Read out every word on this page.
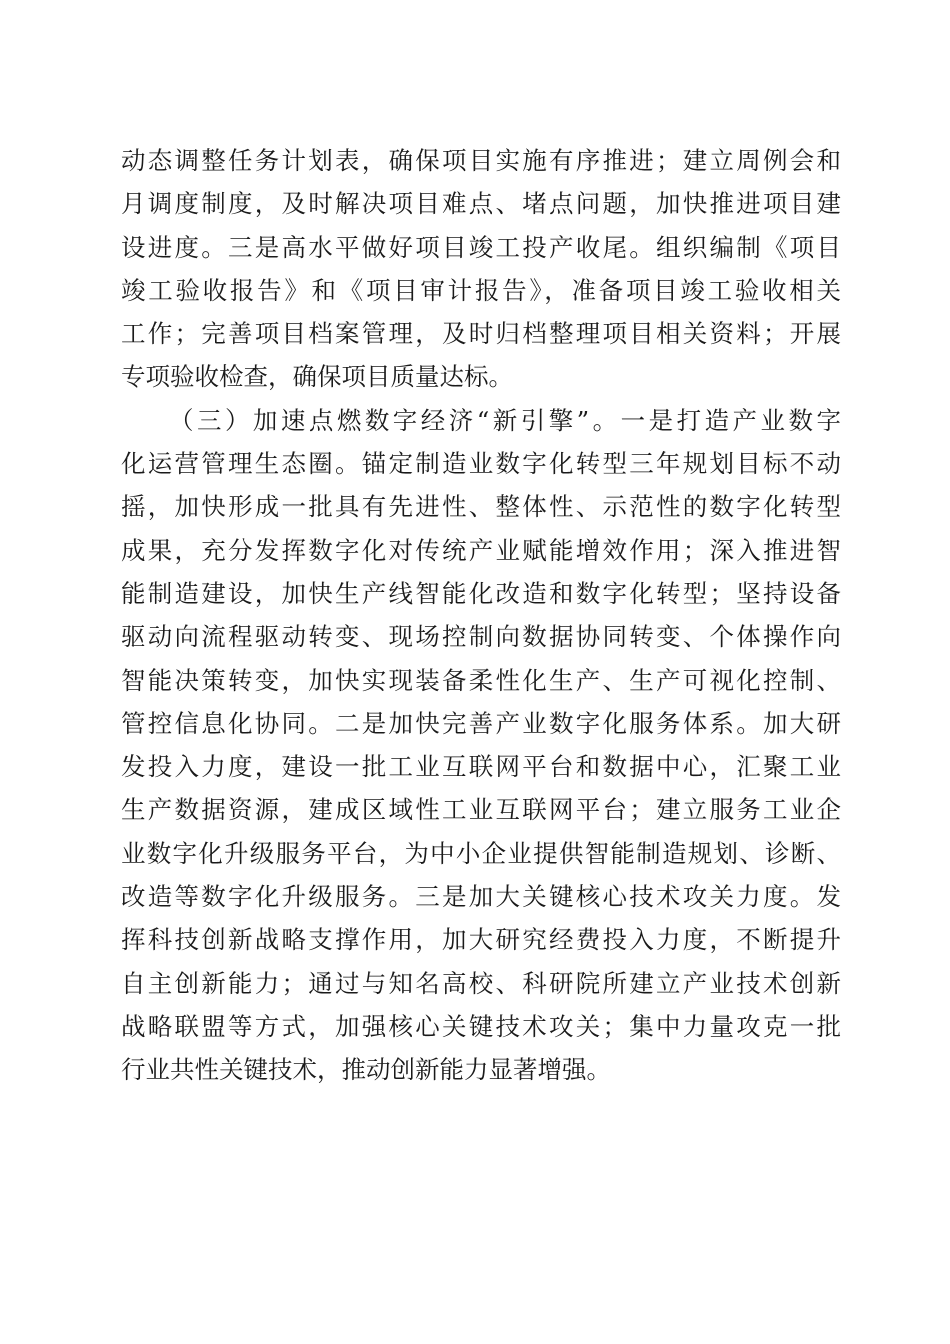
动态调整任务计划表，确保项目实施有序推进；建立周例会和

月调度制度，及时解决项目难点、堵点问题，加快推进项目建

设进度。三是高水平做好项目竣工投产收尾。组织编制《项目

竣工验收报告》和《项目审计报告》，准备项目竣工验收相关

工作；完善项目档案管理，及时归档整理项目相关资料；开展

专项验收检查，确保项目质量达标。

（三）加速点燃数字经济“新引擎”。一是打造产业数字

化运营管理生态圈。锚定制造业数字化转型三年规划目标不动

摇，加快形成一批具有先进性、整体性、示范性的数字化转型

成果，充分发挥数字化对传统产业赋能增效作用；深入推进智

能制造建设，加快生产线智能化改造和数字化转型；坚持设备

驱动向流程驱动转变、现场控制向数据协同转变、个体操作向

智能决策转变，加快实现装备柔性化生产、生产可视化控制、

管控信息化协同。二是加快完善产业数字化服务体系。加大研

发投入力度，建设一批工业互联网平台和数据中心，汇聚工业

生产数据资源，建成区域性工业互联网平台；建立服务工业企

业数字化升级服务平台，为中小企业提供智能制造规划、诊断、

改造等数字化升级服务。三是加大关键核心技术攻关力度。发

挥科技创新战略支撑作用，加大研究经费投入力度，不断提升

自主创新能力；通过与知名高校、科研院所建立产业技术创新

战略联盟等方式，加强核心关键技术攻关；集中力量攻克一批

行业共性关键技术，推动创新能力显著增强。
